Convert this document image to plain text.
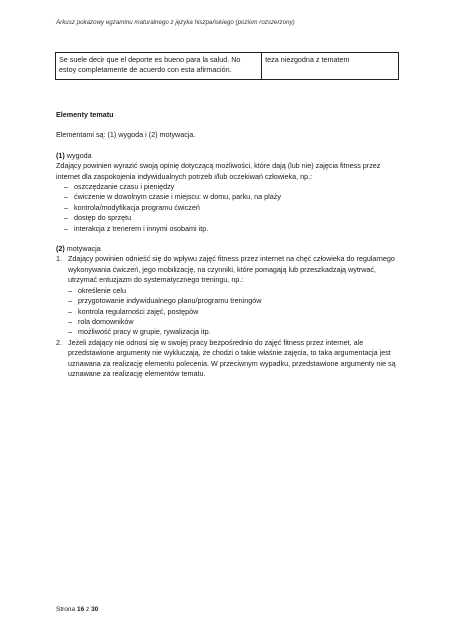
Arkusz pokazowy egzaminu maturalnego z języka hiszpańskiego (poziom rozszerzony)
Se suele decir que el deporte es bueno para la salud. No estoy completamente de acuerdo con esta afirmación.	teza niezgodna z tematem

Elementy tematu

Elementami są: (1) wygoda i (2) motywacja.

(1) wygoda

Zdający powinien wyrazić swoją opinię dotyczącą możliwości, które dają (lub nie) zajęcia fitness przez internet dla zaspokojenia indywidualnych potrzeb i/lub oczekiwań człowieka, np.:

– oszczędzanie czasu i pieniędzy
– ćwiczenie w dowolnym czasie i miejscu: w domu, parku, na plaży
– kontrola/modyfikacja programu ćwiczeń
– dostęp do sprzętu
– interakcja z trenerem i innymi osobami itp.

(2) motywacja

1. Zdający powinien odnieść się do wpływu zajęć fitness przez internet na chęć człowieka do regularnego wykonywania ćwiczeń, jego mobilizację, na czynniki, które pomagają lub przeszkadzają wytrwać, utrzymać entuzjazm do systematycznego treningu, np.:
– określenie celu
– przygotowanie indywidualnego planu/programu treningów
– kontrola regularności zajęć, postępów
– rola domowników
– możliwość pracy w grupie, rywalizacja itp.
2. Jeżeli zdający nie odnosi się w swojej pracy bezpośrednio do zajęć fitness przez internet, ale przedstawione argumenty nie wykluczają, że chodzi o takie właśnie zajęcia, to taka argumentacja jest uznawana za realizację elementu polecenia. W przeciwnym wypadku, przedstawione argumenty nie są uznawane za realizację elementów tematu.
Strona 16 z 30
